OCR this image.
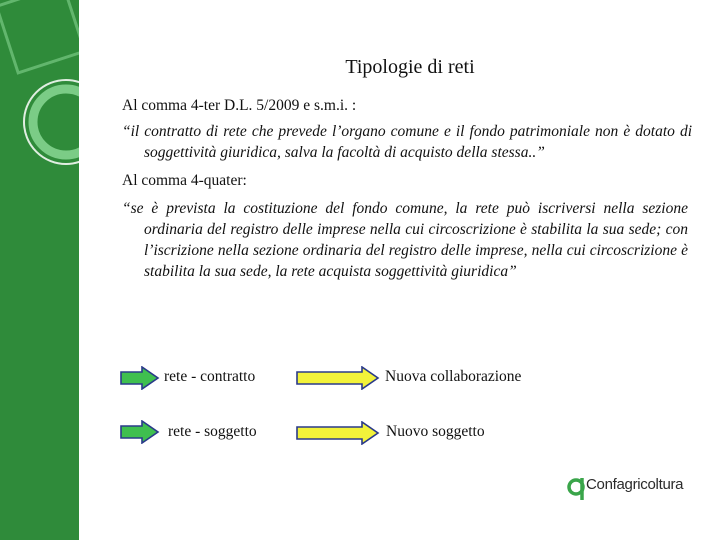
Tipologie di reti
Al comma 4-ter D.L. 5/2009 e s.m.i. :
“il contratto di rete che prevede l’organo comune e il fondo patrimoniale non è dotato di soggettività giuridica, salva la facoltà di acquisto della stessa..”
Al comma 4-quater:
“se è prevista la costituzione del fondo comune, la rete può iscriversi nella sezione ordinaria del registro delle imprese nella cui circoscrizione è stabilita la sua sede; con l’iscrizione nella sezione ordinaria del registro delle imprese, nella cui circoscrizione è stabilita la sua sede, la rete acquista soggettività giuridica”
rete - contratto	Nuova collaborazione
rete - soggetto	Nuovo soggetto
Confagricoltura
